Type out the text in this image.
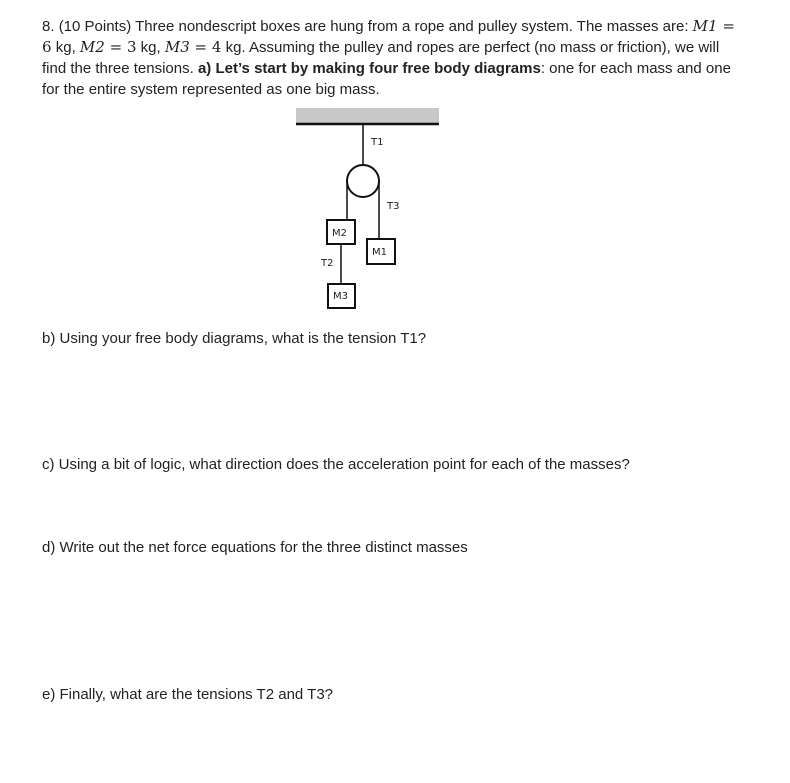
8. (10 Points) Three nondescript boxes are hung from a rope and pulley system. The masses are: M1 = 6 kg, M2 = 3 kg, M3 = 4 kg. Assuming the pulley and ropes are perfect (no mass or friction), we will find the three tensions. a) Let’s start by making four free body diagrams: one for each mass and one for the entire system represented as one big mass.
T1
T3
M2
M1
T2
M3
b) Using your free body diagrams, what is the tension T1?
c) Using a bit of logic, what direction does the acceleration point for each of the masses?
d) Write out the net force equations for the three distinct masses
e) Finally, what are the tensions T2 and T3?
